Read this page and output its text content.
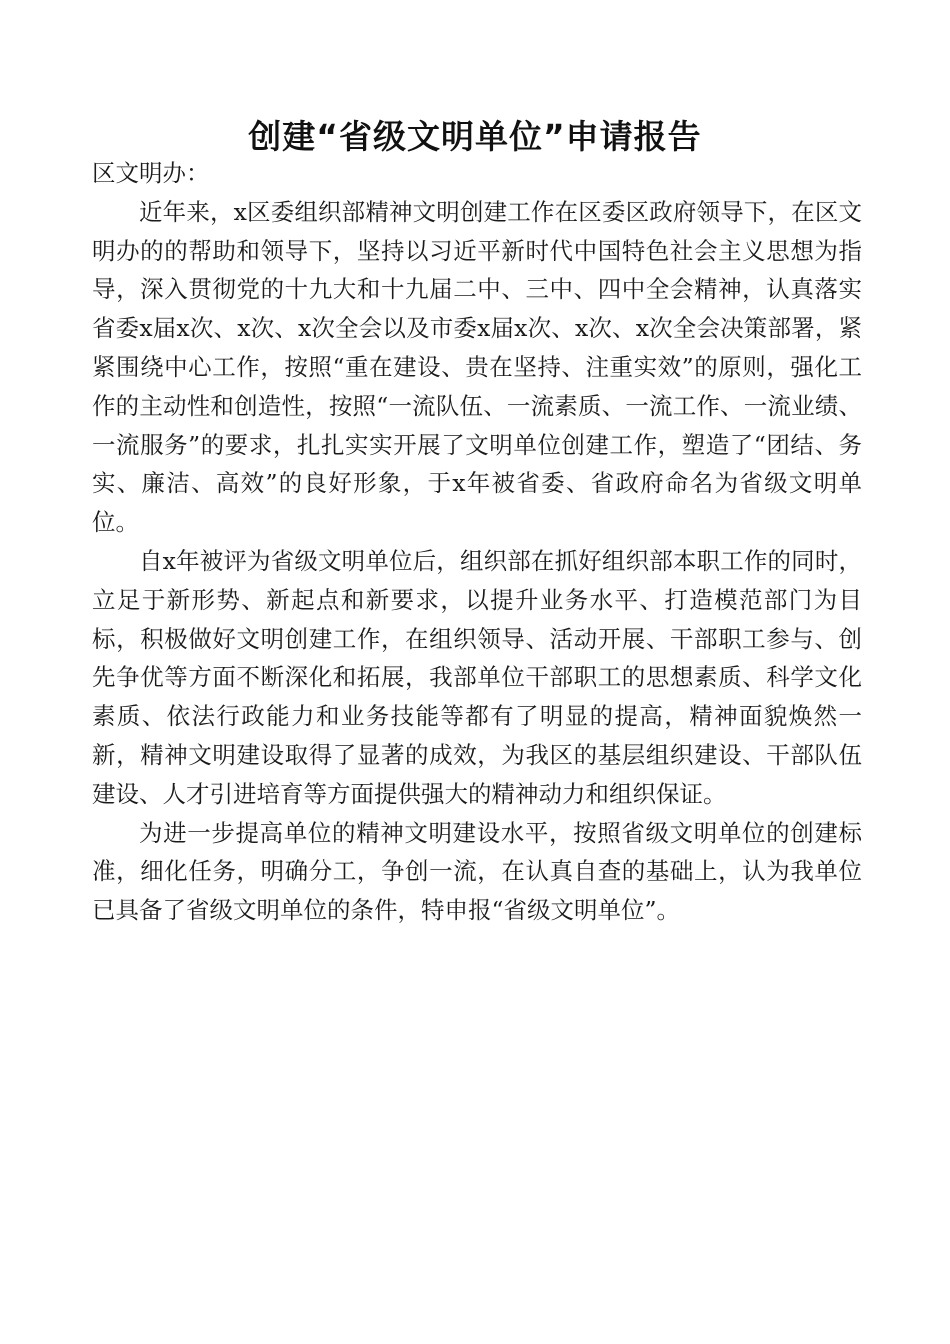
创建“省级文明单位”申请报告

区文明办：

近年来，x区委组织部精神文明创建工作在区委区政府领导下，在区文明办的的帮助和领导下，坚持以习近平新时代中国特色社会主义思想为指导，深入贯彻党的十九大和十九届二中、三中、四中全会精神，认真落实省委x届x次、x次、x次全会以及市委x届x次、x次、x次全会决策部署，紧紧围绕中心工作，按照“重在建设、贵在坚持、注重实效”的原则，强化工作的主动性和创造性，按照“一流队伍、一流素质、一流工作、一流业绩、一流服务”的要求，扎扎实实开展了文明单位创建工作，塑造了“团结、务实、廉洁、高效”的良好形象，于x年被省委、省政府命名为省级文明单位。

自x年被评为省级文明单位后，组织部在抓好组织部本职工作的同时，立足于新形势、新起点和新要求，以提升业务水平、打造模范部门为目标，积极做好文明创建工作，在组织领导、活动开展、干部职工参与、创先争优等方面不断深化和拓展，我部单位干部职工的思想素质、科学文化素质、依法行政能力和业务技能等都有了明显的提高，精神面貌焕然一新，精神文明建设取得了显著的成效，为我区的基层组织建设、干部队伍建设、人才引进培育等方面提供强大的精神动力和组织保证。

为进一步提高单位的精神文明建设水平，按照省级文明单位的创建标准，细化任务，明确分工，争创一流，在认真自查的基础上，认为我单位已具备了省级文明单位的条件，特申报“省级文明单位”。
